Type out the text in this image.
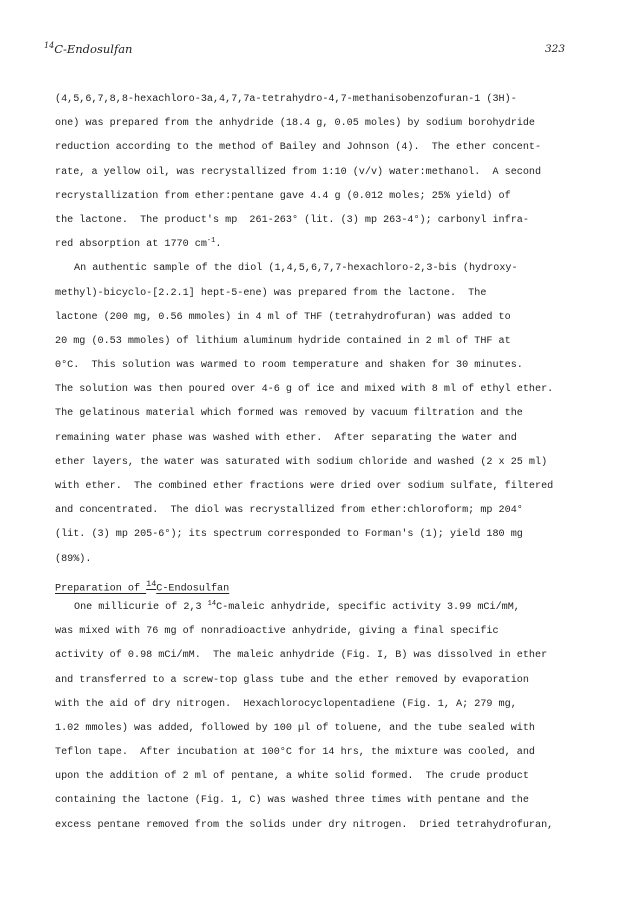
$^{14}$C-Endosulfan	323
(4,5,6,7,8,8-hexachloro-3a,4,7,7a-tetrahydro-4,7-methanisobenzofuran-1 (3H)-
one) was prepared from the anhydride (18.4 g, 0.05 moles) by sodium borohydride
reduction according to the method of Bailey and Johnson (4).  The ether concent-
rate, a yellow oil, was recrystallized from 1:10 (v/v) water:methanol.  A second
recrystallization from ether:pentane gave 4.4 g (0.012 moles; 25% yield) of
the lactone.  The product's mp  261-263° (lit. (3) mp 263-4°); carbonyl infra-
red absorption at 1770 $cm^{-1}$.
An authentic sample of the diol (1,4,5,6,7,7-hexachloro-2,3-bis (hydroxy-
methyl)-bicyclo-[2.2.1] hept-5-ene) was prepared from the lactone.  The
lactone (200 mg, 0.56 mmoles) in 4 ml of THF (tetrahydrofuran) was added to
20 mg (0.53 mmoles) of lithium aluminum hydride contained in 2 ml of THF at
0°C.  This solution was warmed to room temperature and shaken for 30 minutes.
The solution was then poured over 4-6 g of ice and mixed with 8 ml of ethyl ether.
The gelatinous material which formed was removed by vacuum filtration and the
remaining water phase was washed with ether.  After separating the water and
ether layers, the water was saturated with sodium chloride and washed (2 x 25 ml)
with ether.  The combined ether fractions were dried over sodium sulfate, filtered
and concentrated.  The diol was recrystallized from ether:chloroform; mp 204°
(lit. (3) mp 205-6°); its spectrum corresponded to Forman's (1); yield 180 mg
(89%).
Preparation of $^{14}$C-Endosulfan
One millicurie of 2,3 $^{14}$C-maleic anhydride, specific activity 3.99 mCi/mM,
was mixed with 76 mg of nonradioactive anhydride, giving a final specific
activity of 0.98 mCi/mM.  The maleic anhydride (Fig. I, B) was dissolved in ether
and transferred to a screw-top glass tube and the ether removed by evaporation
with the aid of dry nitrogen.  Hexachlorocyclopentadiene (Fig. 1, A; 279 mg,
1.02 mmoles) was added, followed by 100 µl of toluene, and the tube sealed with
Teflon tape.  After incubation at 100°C for 14 hrs, the mixture was cooled, and
upon the addition of 2 ml of pentane, a white solid formed.  The crude product
containing the lactone (Fig. 1, C) was washed three times with pentane and the
excess pentane removed from the solids under dry nitrogen.  Dried tetrahydrofuran,
